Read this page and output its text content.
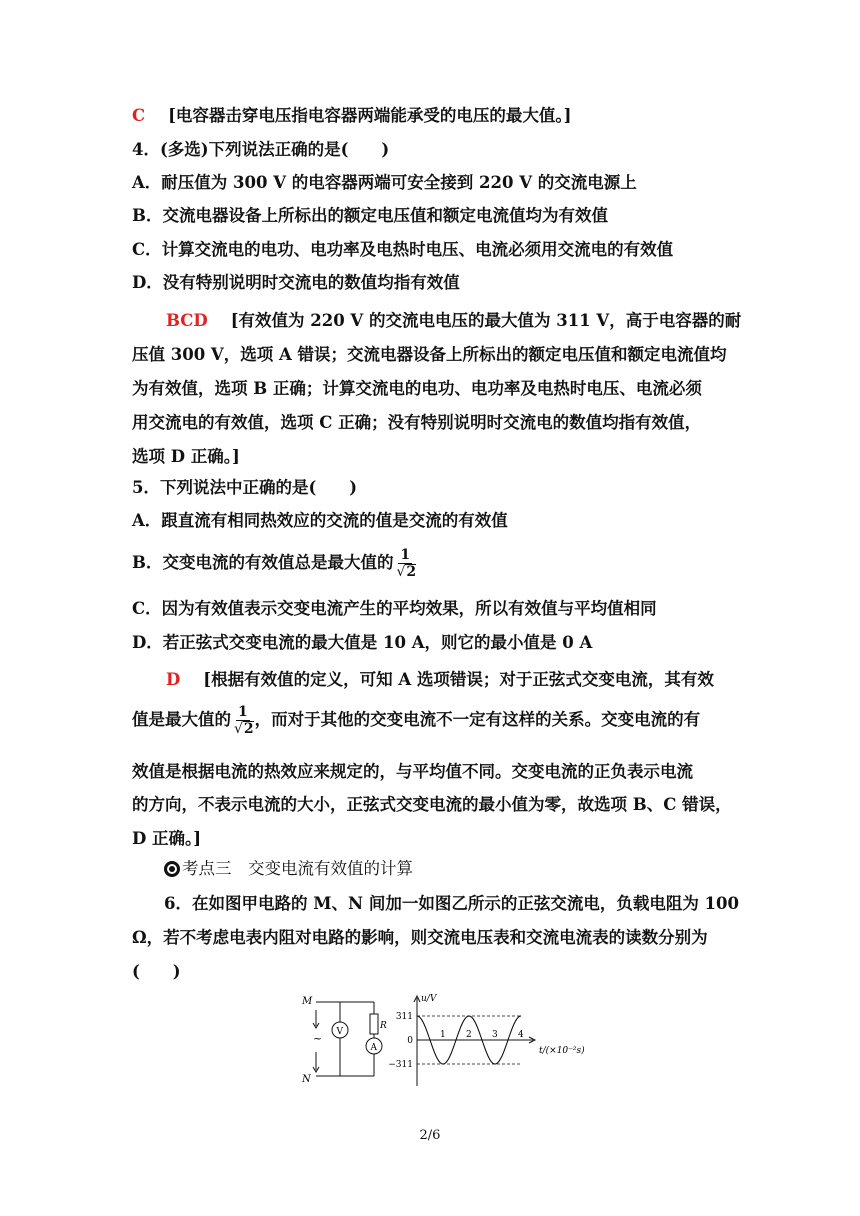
C [电容器击穿电压指电容器两端能承受的电压的最大值。]
4．(多选)下列说法正确的是(　　)
A．耐压值为 300 V 的电容器两端可安全接到 220 V 的交流电源上
B．交流电器设备上所标出的额定电压值和额定电流值均为有效值
C．计算交流电的电功、电功率及电热时电压、电流必须用交流电的有效值
D．没有特别说明时交流电的数值均指有效值
BCD [有效值为 220 V 的交流电电压的最大值为 311 V，高于电容器的耐
压值 300 V，选项 A 错误；交流电器设备上所标出的额定电压值和额定电流值均
为有效值，选项 B 正确；计算交流电的电功、电功率及电热时电压、电流必须
用交流电的有效值，选项 C 正确；没有特别说明时交流电的数值均指有效值，
选项 D 正确。]
5．下列说法中正确的是(　　)
A．跟直流有相同热效应的交流的值是交流的有效值
B．交变电流的有效值总是最大值的 $\frac{1}{√2}$
C．因为有效值表示交变电流产生的平均效果，所以有效值与平均值相同
D．若正弦式交变电流的最大值是 10 A，则它的最小值是 0 A
D [根据有效值的定义，可知 A 选项错误；对于正弦式交变电流，其有效
值是最大值的 $\frac{1}{√2}$ ，而对于其他的交变电流不一定有这样的关系。交变电流的有
效值是根据电流的热效应来规定的，与平均值不同。交变电流的正负表示电流
的方向，不表示电流的大小，正弦式交变电流的最小值为零，故选项 B、C 错误，
D 正确。]
考点三　交变电流有效值的计算
6．在如图甲电路的 M、N 间加一如图乙所示的正弦交流电，负载电阻为 100
Ω，若不考虑电表内阻对电路的影响，则交流电压表和交流电流表的读数分别为
(　　)
M
N
~ V
A
R
311
0
−311
u/V
t/(×10⁻²s)
1 2 3 4
2/6
